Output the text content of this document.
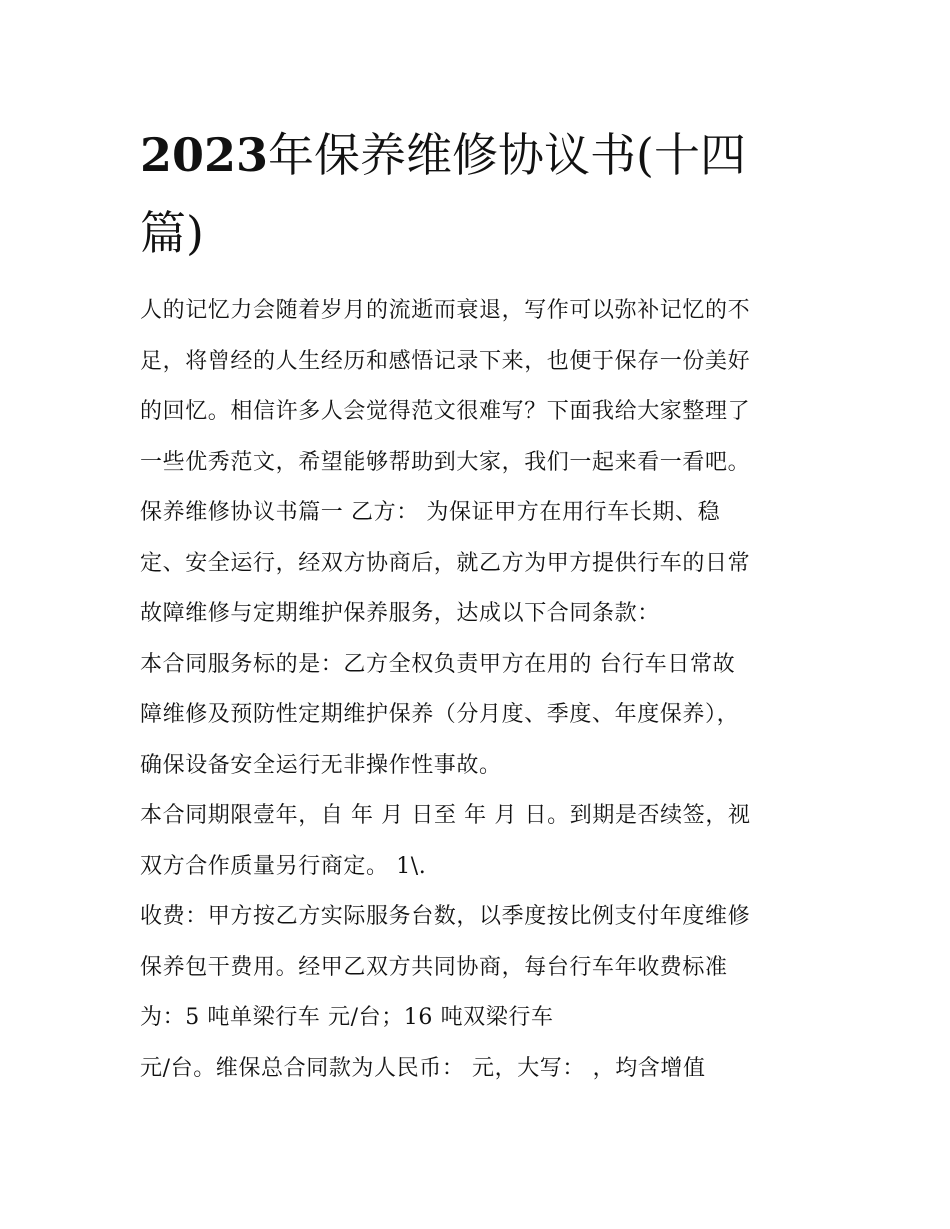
2023年保养维修协议书(十四
篇)

人的记忆力会随着岁月的流逝而衰退，写作可以弥补记忆的不
足，将曾经的人生经历和感悟记录下来，也便于保存一份美好
的回忆。相信许多人会觉得范文很难写？下面我给大家整理了
一些优秀范文，希望能够帮助到大家，我们一起来看一看吧。

保养维修协议书篇一 乙方： 为保证甲方在用行车长期、稳
定、安全运行，经双方协商后，就乙方为甲方提供行车的日常
故障维修与定期维护保养服务，达成以下合同条款：

本合同服务标的是：乙方全权负责甲方在用的 台行车日常故
障维修及预防性定期维护保养（分月度、季度、年度保养），
确保设备安全运行无非操作性事故。

本合同期限壹年，自 年 月 日至 年 月 日。到期是否续签，视
双方合作质量另行商定。 1\.

收费：甲方按乙方实际服务台数，以季度按比例支付年度维修
保养包干费用。经甲乙双方共同协商，每台行车年收费标准
为：5 吨单梁行车 元/台；16 吨双梁行车

元/台。维保总合同款为人民币： 元，大写： ，均含增值
